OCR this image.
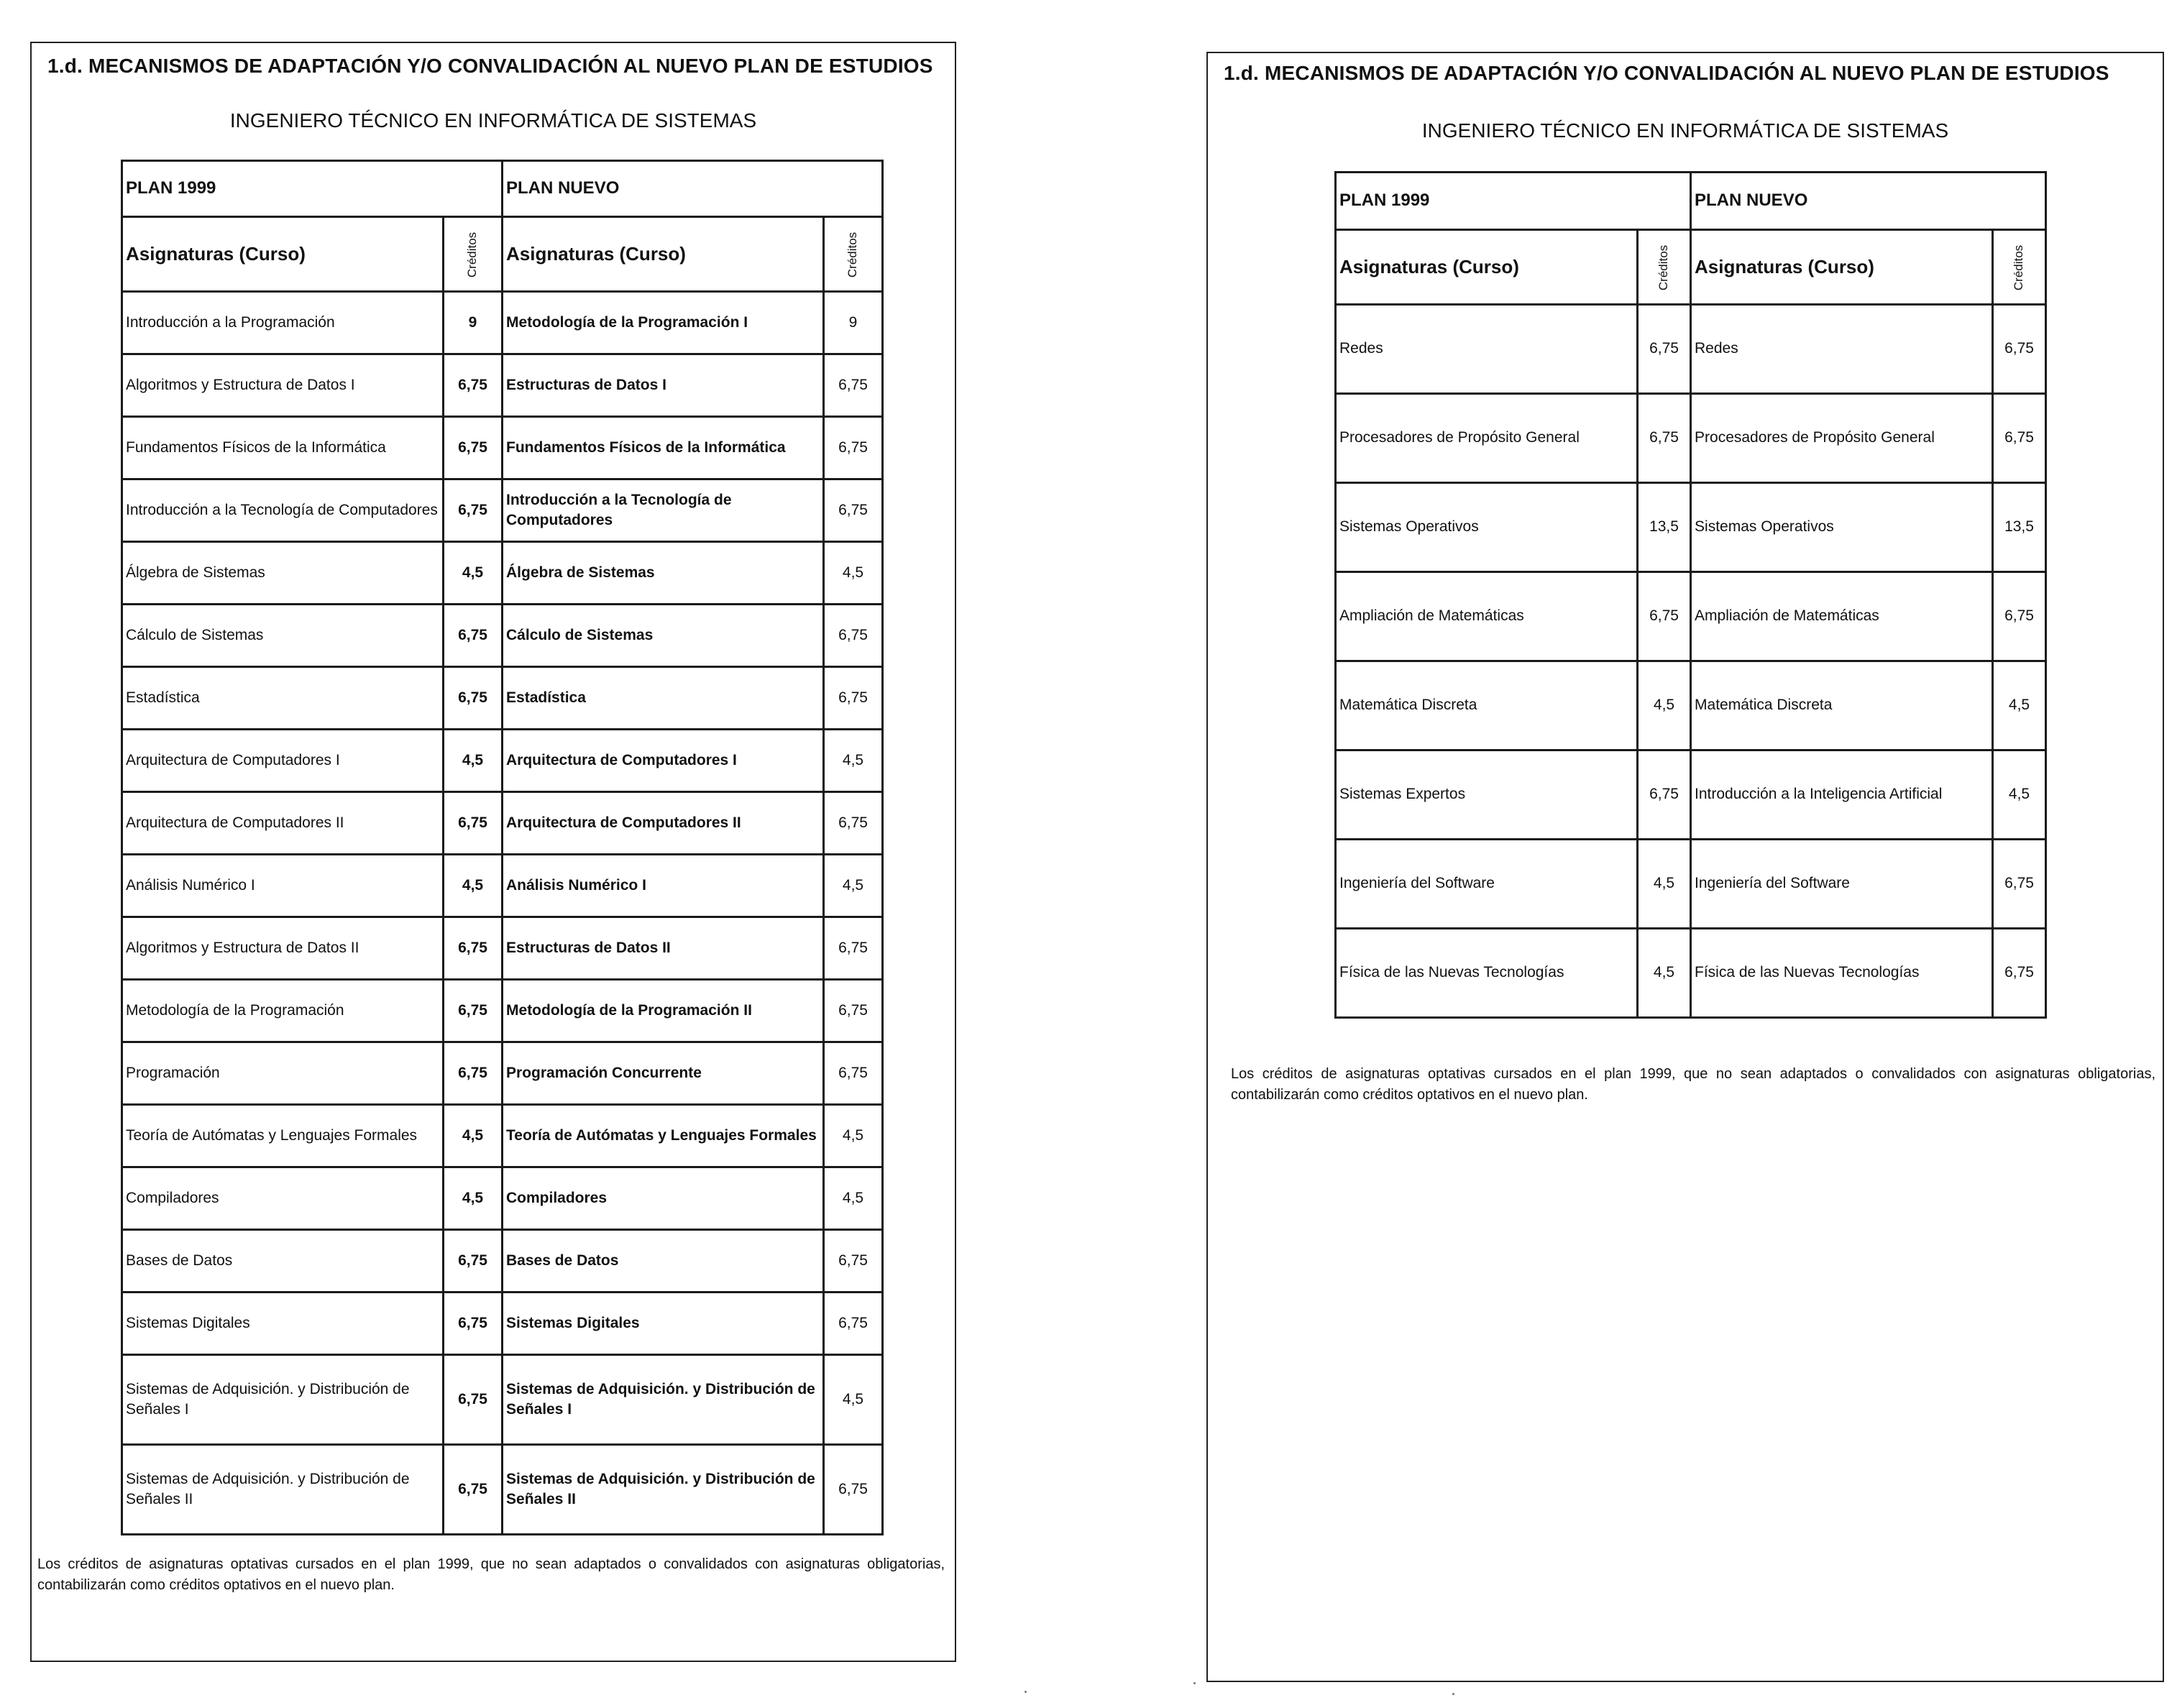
1.d. MECANISMOS DE ADAPTACIÓN Y/O CONVALIDACIÓN AL NUEVO PLAN DE ESTUDIOS
INGENIERO TÉCNICO EN INFORMÁTICA DE SISTEMAS
PLAN 1999		PLAN NUEVO	
Asignaturas (Curso)	Créditos	Asignaturas (Curso)	Créditos
Introducción a la Programación	9	Metodología de la Programación I	9
Algoritmos y Estructura de Datos I	6,75	Estructuras de Datos I	6,75
Fundamentos Físicos de la Informática	6,75	Fundamentos Físicos de la Informática	6,75
Introducción a la Tecnología de Computadores	6,75	Introducción a la Tecnología de Computadores	6,75
Álgebra de Sistemas	4,5	Álgebra de Sistemas	4,5
Cálculo de Sistemas	6,75	Cálculo de Sistemas	6,75
Estadística	6,75	Estadística	6,75
Arquitectura de Computadores I	4,5	Arquitectura de Computadores I	4,5
Arquitectura de Computadores II	6,75	Arquitectura de Computadores II	6,75
Análisis Numérico I	4,5	Análisis Numérico I	4,5
Algoritmos y Estructura de Datos II	6,75	Estructuras de Datos II	6,75
Metodología de la Programación	6,75	Metodología de la Programación II	6,75
Programación	6,75	Programación Concurrente	6,75
Teoría de Autómatas y Lenguajes Formales	4,5	Teoría de Autómatas y Lenguajes Formales	4,5
Compiladores	4,5	Compiladores	4,5
Bases de Datos	6,75	Bases de Datos	6,75
Sistemas Digitales	6,75	Sistemas Digitales	6,75
Sistemas de Adquisición. y Distribución de Señales I	6,75	Sistemas de Adquisición. y Distribución de Señales I	4,5
Sistemas de Adquisición. y Distribución de Señales II	6,75	Sistemas de Adquisición. y Distribución de Señales II	6,75
Los créditos de asignaturas optativas cursados en el plan 1999, que no sean adaptados o convalidados con asignaturas obligatorias, contabilizarán como créditos optativos en el nuevo plan.
1.d. MECANISMOS DE ADAPTACIÓN Y/O CONVALIDACIÓN AL NUEVO PLAN DE ESTUDIOS
INGENIERO TÉCNICO EN INFORMÁTICA DE SISTEMAS
PLAN 1999		PLAN NUEVO	
Asignaturas (Curso)	Créditos	Asignaturas (Curso)	Créditos
Redes	6,75	Redes	6,75
Procesadores de Propósito General	6,75	Procesadores de Propósito General	6,75
Sistemas Operativos	13,5	Sistemas Operativos	13,5
Ampliación de Matemáticas	6,75	Ampliación de Matemáticas	6,75
Matemática Discreta	4,5	Matemática Discreta	4,5
Sistemas Expertos	6,75	Introducción a la Inteligencia Artificial	4,5
Ingeniería del Software	4,5	Ingeniería del Software	6,75
Física de las Nuevas Tecnologías	4,5	Física de las Nuevas Tecnologías	6,75
Los créditos de asignaturas optativas cursados en el plan 1999, que no sean adaptados o convalidados con asignaturas obligatorias, contabilizarán como créditos optativos en el nuevo plan.
